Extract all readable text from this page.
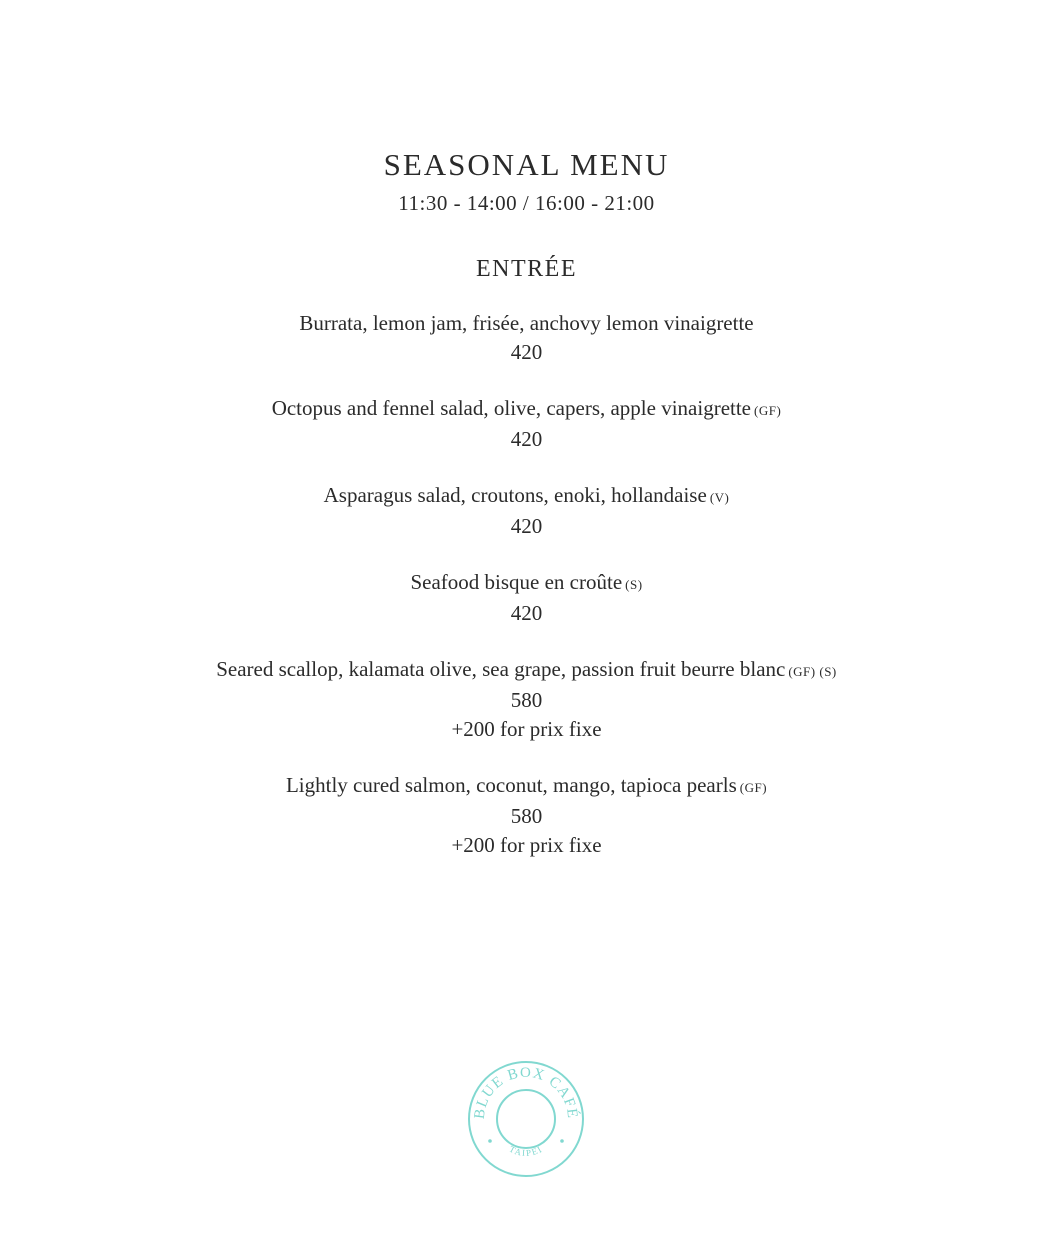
SEASONAL MENU
11:30 - 14:00 / 16:00 - 21:00
ENTRÉE
Burrata, lemon jam, frisée, anchovy lemon vinaigrette
420
Octopus and fennel salad, olive, capers, apple vinaigrette (GF)
420
Asparagus salad, croutons, enoki, hollandaise (V)
420
Seafood bisque en croûte (S)
420
Seared scallop, kalamata olive, sea grape, passion fruit beurre blanc (GF) (S)
580
+200 for prix fixe
Lightly cured salmon, coconut, mango, tapioca pearls (GF)
580
+200 for prix fixe
BLUE BOX CAFÉ
TAIPEI
